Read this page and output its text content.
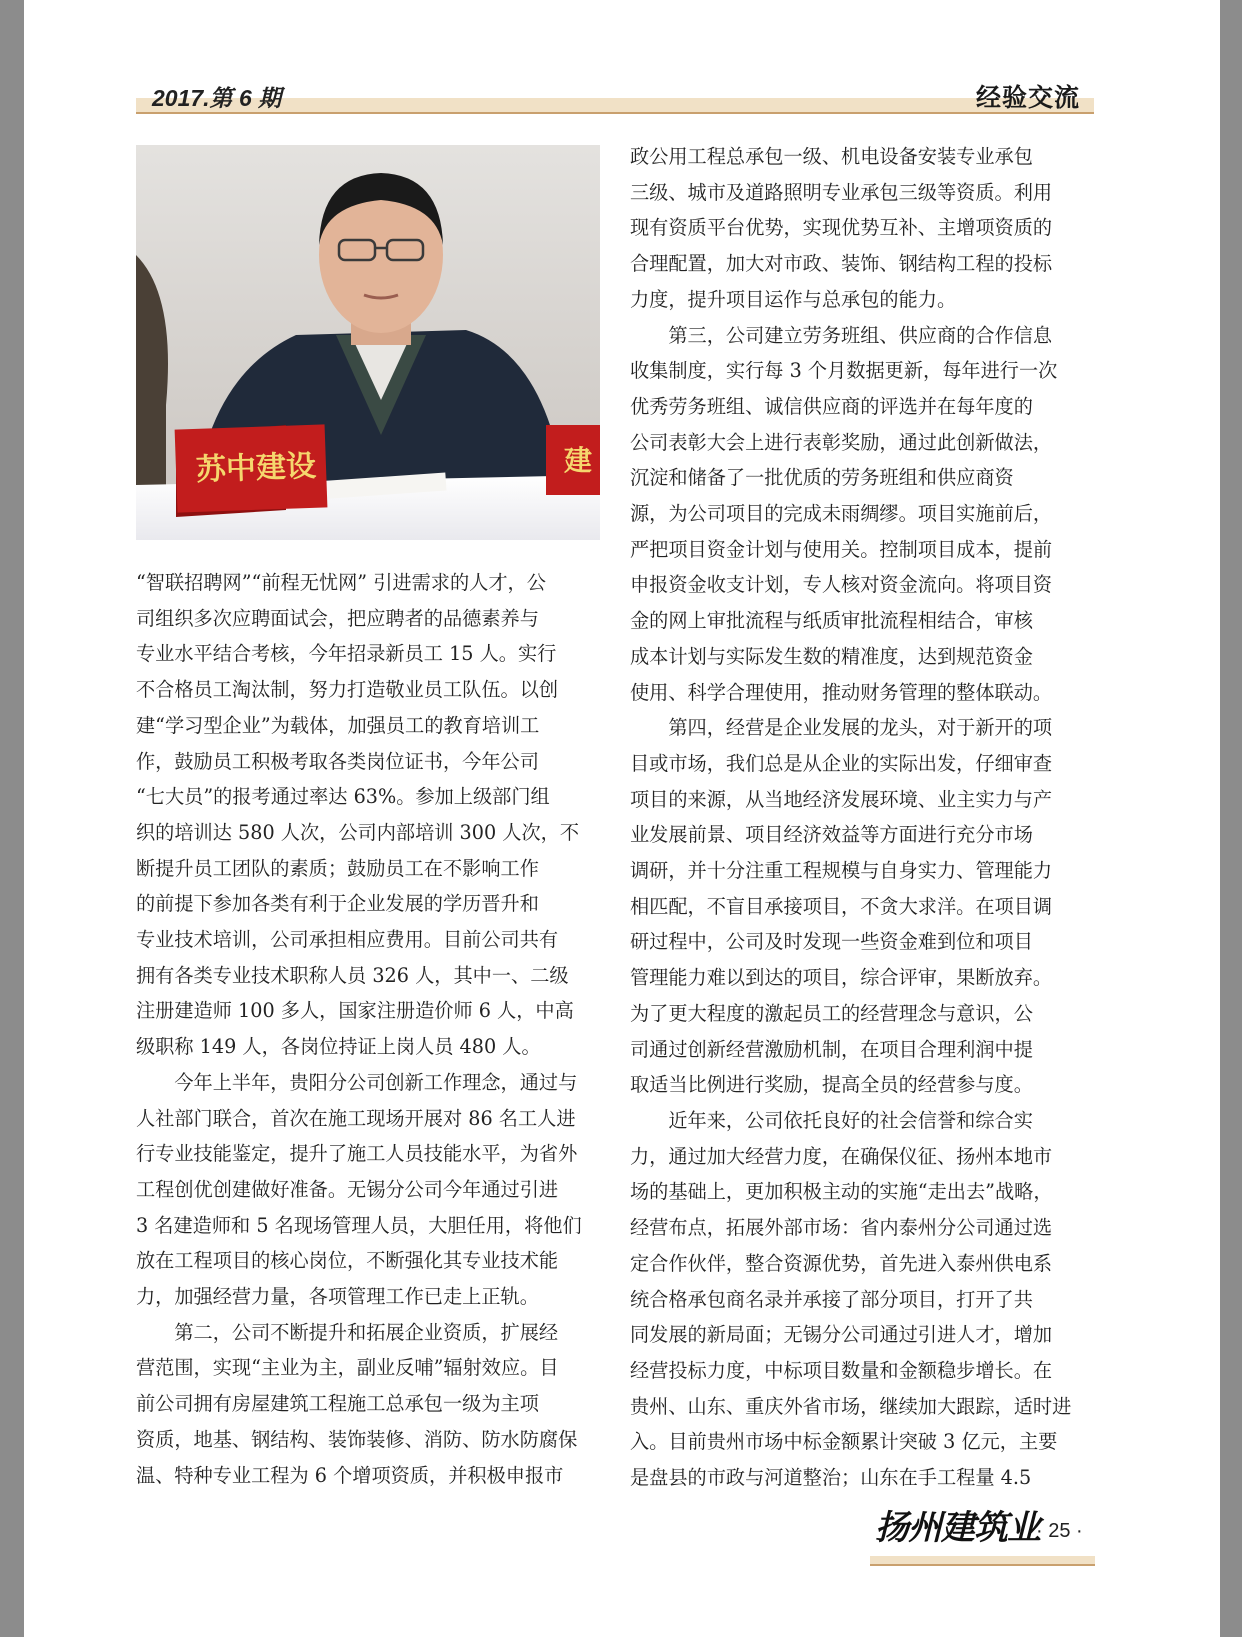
2017.第 6 期	经验交流
苏中建设	建

“智联招聘网”“前程无忧网” 引进需求的人才，公

司组织多次应聘面试会，把应聘者的品德素养与

专业水平结合考核，今年招录新员工 15 人。实行

不合格员工淘汰制，努力打造敬业员工队伍。以创

建“学习型企业”为载体，加强员工的教育培训工

作，鼓励员工积极考取各类岗位证书，今年公司

“七大员”的报考通过率达 63%。参加上级部门组

织的培训达 580 人次，公司内部培训 300 人次，不

断提升员工团队的素质；鼓励员工在不影响工作

的前提下参加各类有利于企业发展的学历晋升和

专业技术培训，公司承担相应费用。目前公司共有

拥有各类专业技术职称人员 326 人，其中一、二级

注册建造师 100 多人，国家注册造价师 6 人，中高

级职称 149 人，各岗位持证上岗人员 480 人。

　　今年上半年，贵阳分公司创新工作理念，通过与

人社部门联合，首次在施工现场开展对 86 名工人进

行专业技能鉴定，提升了施工人员技能水平，为省外

工程创优创建做好准备。无锡分公司今年通过引进

3 名建造师和 5 名现场管理人员，大胆任用，将他们

放在工程项目的核心岗位，不断强化其专业技术能

力，加强经营力量，各项管理工作已走上正轨。

　　第二，公司不断提升和拓展企业资质，扩展经

营范围，实现“主业为主，副业反哺”辐射效应。目

前公司拥有房屋建筑工程施工总承包一级为主项

资质，地基、钢结构、装饰装修、消防、防水防腐保

温、特种专业工程为 6 个增项资质，并积极申报市

政公用工程总承包一级、机电设备安装专业承包

三级、城市及道路照明专业承包三级等资质。利用

现有资质平台优势，实现优势互补、主增项资质的

合理配置，加大对市政、装饰、钢结构工程的投标

力度，提升项目运作与总承包的能力。

　　第三，公司建立劳务班组、供应商的合作信息

收集制度，实行每 3 个月数据更新，每年进行一次

优秀劳务班组、诚信供应商的评选并在每年度的

公司表彰大会上进行表彰奖励，通过此创新做法，

沉淀和储备了一批优质的劳务班组和供应商资

源，为公司项目的完成未雨绸缪。项目实施前后，

严把项目资金计划与使用关。控制项目成本，提前

申报资金收支计划，专人核对资金流向。将项目资

金的网上审批流程与纸质审批流程相结合，审核

成本计划与实际发生数的精准度，达到规范资金

使用、科学合理使用，推动财务管理的整体联动。

　　第四，经营是企业发展的龙头，对于新开的项

目或市场，我们总是从企业的实际出发，仔细审查

项目的来源，从当地经济发展环境、业主实力与产

业发展前景、项目经济效益等方面进行充分市场

调研，并十分注重工程规模与自身实力、管理能力

相匹配，不盲目承接项目，不贪大求洋。在项目调

研过程中，公司及时发现一些资金难到位和项目

管理能力难以到达的项目，综合评审，果断放弃。

为了更大程度的激起员工的经营理念与意识，公

司通过创新经营激励机制，在项目合理利润中提

取适当比例进行奖励，提高全员的经营参与度。

　　近年来，公司依托良好的社会信誉和综合实

力，通过加大经营力度，在确保仪征、扬州本地市

场的基础上，更加积极主动的实施“走出去”战略，

经营布点，拓展外部市场：省内泰州分公司通过选

定合作伙伴，整合资源优势，首先进入泰州供电系

统合格承包商名录并承接了部分项目，打开了共

同发展的新局面；无锡分公司通过引进人才，增加

经营投标力度，中标项目数量和金额稳步增长。在

贵州、山东、重庆外省市场，继续加大跟踪，适时进

入。目前贵州市场中标金额累计突破 3 亿元，主要

是盘县的市政与河道整治；山东在手工程量 4.5

扬州建筑业
· 25 ·
